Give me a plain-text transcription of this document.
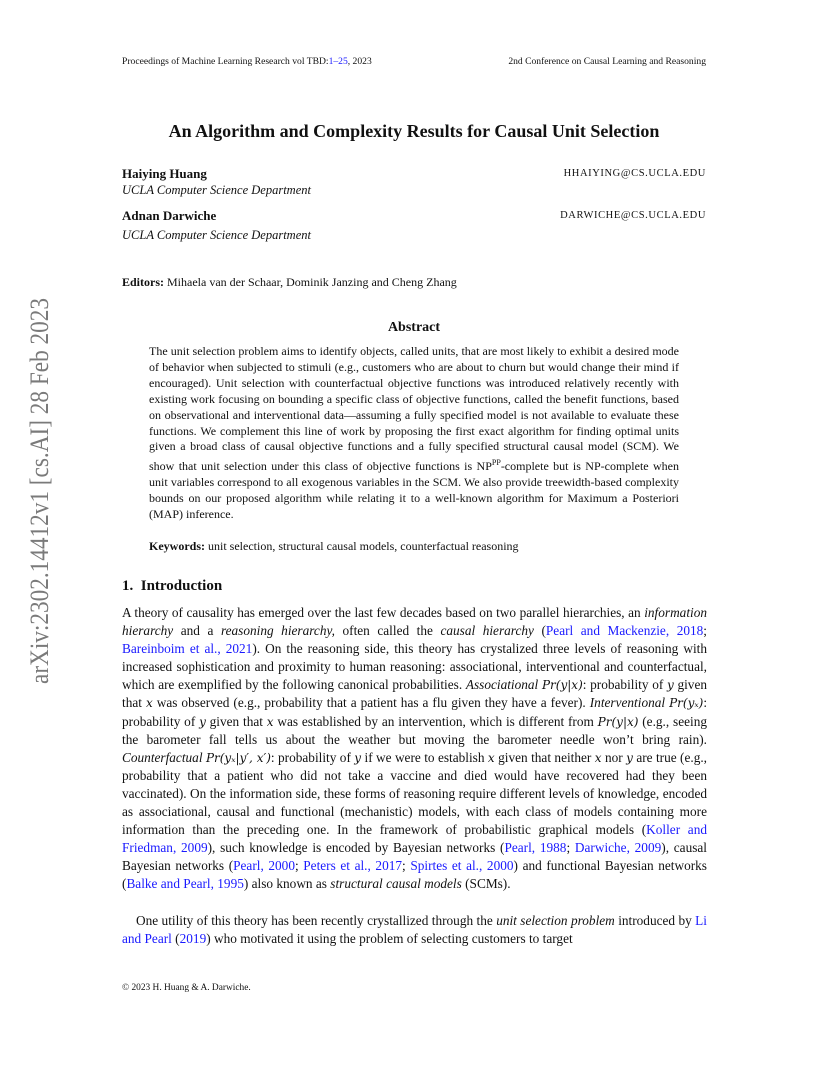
Proceedings of Machine Learning Research vol TBD:1–25, 2023	2nd Conference on Causal Learning and Reasoning
arXiv:2302.14412v1 [cs.AI] 28 Feb 2023
An Algorithm and Complexity Results for Causal Unit Selection
Haiying Huang	HHAIYING@CS.UCLA.EDU
UCLA Computer Science Department
Adnan Darwiche	DARWICHE@CS.UCLA.EDU
UCLA Computer Science Department
Editors: Mihaela van der Schaar, Dominik Janzing and Cheng Zhang
Abstract
The unit selection problem aims to identify objects, called units, that are most likely to exhibit a desired mode of behavior when subjected to stimuli (e.g., customers who are about to churn but would change their mind if encouraged). Unit selection with counterfactual objective functions was introduced relatively recently with existing work focusing on bounding a specific class of objective functions, called the benefit functions, based on observational and interventional data—assuming a fully specified model is not available to evaluate these functions. We complement this line of work by proposing the first exact algorithm for finding optimal units given a broad class of causal objective functions and a fully specified structural causal model (SCM). We show that unit selection under this class of objective functions is $NP^{PP}$-complete but is NP-complete when unit variables correspond to all exogenous variables in the SCM. We also provide treewidth-based complexity bounds on our proposed algorithm while relating it to a well-known algorithm for Maximum a Posteriori (MAP) inference.
Keywords: unit selection, structural causal models, counterfactual reasoning
1. Introduction
A theory of causality has emerged over the last few decades based on two parallel hierarchies, an information hierarchy and a reasoning hierarchy, often called the causal hierarchy (Pearl and Mackenzie, 2018; Bareinboim et al., 2021). On the reasoning side, this theory has crystalized three levels of reasoning with increased sophistication and proximity to human reasoning: associational, interventional and counterfactual, which are exemplified by the following canonical probabilities. Associational Pr(y|x): probability of y given that x was observed (e.g., probability that a patient has a flu given they have a fever). Interventional Pr(yₓ): probability of y given that x was established by an intervention, which is different from Pr(y|x) (e.g., seeing the barometer fall tells us about the weather but moving the barometer needle won’t bring rain). Counterfactual Pr(yₓ|y′, x′): probability of y if we were to establish x given that neither x nor y are true (e.g., probability that a patient who did not take a vaccine and died would have recovered had they been vaccinated). On the information side, these forms of reasoning require different levels of knowledge, encoded as associational, causal and functional (mechanistic) models, with each class of models containing more information than the preceding one. In the framework of probabilistic graphical models (Koller and Friedman, 2009), such knowledge is encoded by Bayesian networks (Pearl, 1988; Darwiche, 2009), causal Bayesian networks (Pearl, 2000; Peters et al., 2017; Spirtes et al., 2000) and functional Bayesian networks (Balke and Pearl, 1995) also known as structural causal models (SCMs).
One utility of this theory has been recently crystallized through the unit selection problem introduced by Li and Pearl (2019) who motivated it using the problem of selecting customers to target
© 2023 H. Huang & A. Darwiche.
